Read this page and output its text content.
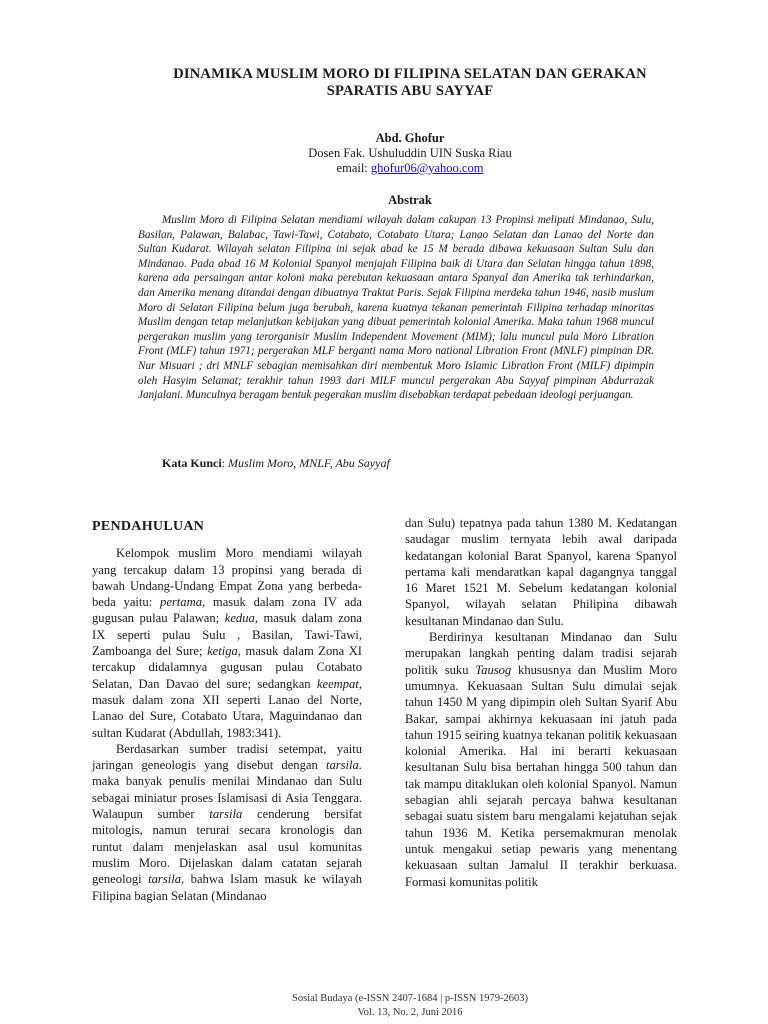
DINAMIKA MUSLIM MORO DI FILIPINA SELATAN DAN GERAKAN
SPARATIS ABU SAYYAF
Abd. Ghofur
Dosen Fak. Ushuluddin UIN Suska Riau
email: ghofur06@yahoo.com
Abstrak

Muslim Moro di Filipina Selatan mendiami wilayah dalam cakupan 13 Propinsi meliputi Mindanao, Sulu, Basilan, Palawan, Balabac, Tawi-Tawi, Cotabato, Cotabato Utara; Lanao Selatan dan Lanao del Norte dan Sultan Kudarat. Wilayah selatan Filipina ini sejak abad ke 15 M berada dibawa kekuasaan Sultan Sulu dan Mindanao. Pada abad 16 M Kolonial Spanyol menjajah Filipina baik di Utara dan Selatan hingga tahun 1898, karena ada persaingan antar koloni maka perebutan kekuasaan antara Spanyal dan Amerika tak terhindarkan, dan Amerika menang ditandai dengan dibuatnya Traktat Paris. Sejak Filipina merdeka tahun 1946, nasib muslum Moro di Selatan Filipina belum juga berubah, karena kuatnya tekanan pemerintah Filipina terhadap minoritas Muslim dengan tetap melanjutkan kebijakan yang dibuat pemerintah kolonial Amerika. Maka tahun 1968 muncul pergerakan muslim yang terorganisir Muslim Independent Movement (MIM); lalu muncul pula Moro Libration Front (MLF) tahun 1971; pergerakan MLF berganti nama Moro national Libration Front (MNLF) pimpinan DR. Nur Misuari ; dri MNLF sebagian memisahkan diri membentuk Moro Islamic Libration Front (MILF) dipimpin oleh Hasyim Selamat; terakhir tahun 1993 dari MILF muncul pergerakan Abu Sayyaf pimpinan Abdurrazak Janjalani. Munculnya beragam bentuk pegerakan muslim disebabkan terdapat pebedaan ideologi perjuangan.

Kata Kunci: Muslim Moro, MNLF, Abu Sayyaf
PENDAHULUAN

Kelompok muslim Moro mendiami wilayah yang tercakup dalam 13 propinsi yang berada di bawah Undang-Undang Empat Zona yang berbeda-beda yaitu: pertama, masuk dalam zona IV ada gugusan pulau Palawan; kedua, masuk dalam zona IX seperti pulau Sulu , Basilan, Tawi-Tawi, Zamboanga del Sure; ketiga, masuk dalam Zona XI tercakup didalamnya gugusan pulau Cotabato Selatan, Dan Davao del sure; sedangkan keempat, masuk dalam zona XII seperti Lanao del Norte, Lanao del Sure, Cotabato Utara, Maguindanao dan sultan Kudarat (Abdullah, 1983:341).

Berdasarkan sumber tradisi setempat, yaitu jaringan geneologis yang disebut dengan tarsila. maka banyak penulis menilai Mindanao dan Sulu sebagai miniatur proses Islamisasi di Asia Tenggara. Walaupun sumber tarsila cenderung bersifat mitologis, namun terurai secara kronologis dan runtut dalam menjelaskan asal usul komunitas muslim Moro. Dijelaskan dalam catatan sejarah geneologi tarsila, bahwa Islam masuk ke wilayah Filipina bagian Selatan (Mindanao

dan Sulu) tepatnya pada tahun 1380 M. Kedatangan saudagar muslim ternyata lebih awal daripada kedatangan kolonial Barat Spanyol, karena Spanyol pertama kali mendaratkan kapal dagangnya tanggal 16 Maret 1521 M. Sebelum kedatangan kolonial Spanyol, wilayah selatan Philipina dibawah kesultanan Mindanao dan Sulu.

Berdirinya kesultanan Mindanao dan Sulu merupakan langkah penting dalam tradisi sejarah politik suku Tausog khususnya dan Muslim Moro umumnya. Kekuasaan Sultan Sulu dimulai sejak tahun 1450 M yang dipimpin oleh Sultan Syarif Abu Bakar, sampai akhirnya kekuasaan ini jatuh pada tahun 1915 seiring kuatnya tekanan politik kekuasaan kolonial Amerika. Hal ini berarti kekuasaan kesultanan Sulu bisa bertahan hingga 500 tahun dan tak mampu ditaklukan oleh kolonial Spanyol. Namun sebagian ahli sejarah percaya bahwa kesultanan sebagai suatu sistem baru mengalami kejatuhan sejak tahun 1936 M. Ketika persemakmuran menolak untuk mengakui setiap pewaris yang menentang kekuasaan sultan Jamalul II terakhir berkuasa. Formasi komunitas politik

Sosial Budaya (e-ISSN 2407-1684 | p-ISSN 1979-2603)
Vol. 13, No. 2, Juni 2016
